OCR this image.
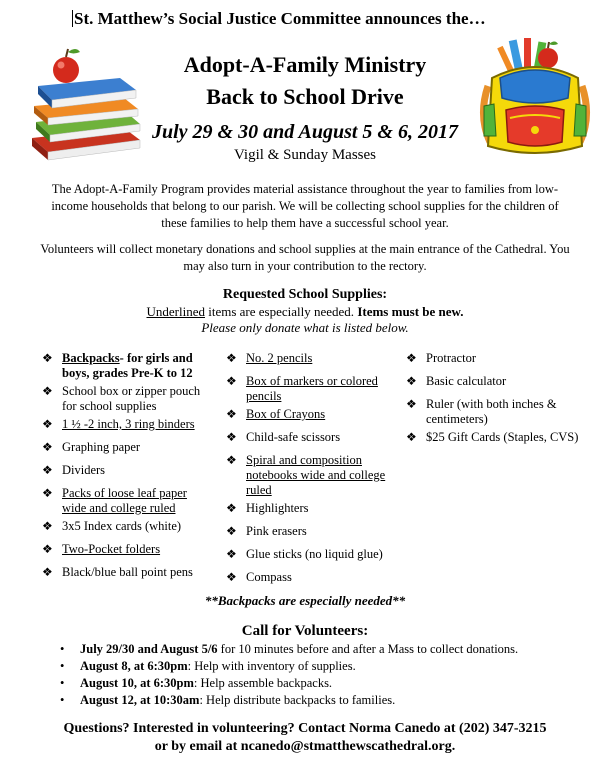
St. Matthew’s Social Justice Committee announces the…
Adopt-A-Family Ministry
Back to School Drive
July 29 & 30 and August 5 & 6, 2017
Vigil & Sunday Masses
The Adopt-A-Family Program provides material assistance throughout the year to families from low-income households that belong to our parish. We will be collecting school supplies for the children of these families to help them have a successful school year.
Volunteers will collect monetary donations and school supplies at the main entrance of the Cathedral. You may also turn in your contribution to the rectory.
Requested School Supplies:
Underlined items are especially needed. Items must be new.
Please only donate what is listed below.
❖ Backpacks- for girls and boys, grades Pre-K to 12
❖ School box or zipper pouch for school supplies
❖ 1 ½ -2 inch, 3 ring binders
❖ Graphing paper
❖ Dividers
❖ Packs of loose leaf paper wide and college ruled
❖ 3x5 Index cards (white)
❖ Two-Pocket folders
❖ Black/blue ball point pens
❖ No. 2 pencils
❖ Box of markers or colored pencils
❖ Box of Crayons
❖ Child-safe scissors
❖ Spiral and composition notebooks wide and college ruled
❖ Highlighters
❖ Pink erasers
❖ Glue sticks (no liquid glue)
❖ Compass
❖ Protractor
❖ Basic calculator
❖ Ruler (with both inches & centimeters)
❖ $25 Gift Cards (Staples, CVS)
**Backpacks are especially needed**
Call for Volunteers:
• July 29/30 and August 5/6 for 10 minutes before and after a Mass to collect donations.
• August 8, at 6:30pm: Help with inventory of supplies.
• August 10, at 6:30pm: Help assemble backpacks.
• August 12, at 10:30am: Help distribute backpacks to families.
Questions? Interested in volunteering? Contact Norma Canedo at (202) 347-3215
or by email at ncanedo@stmatthewscathedral.org.
